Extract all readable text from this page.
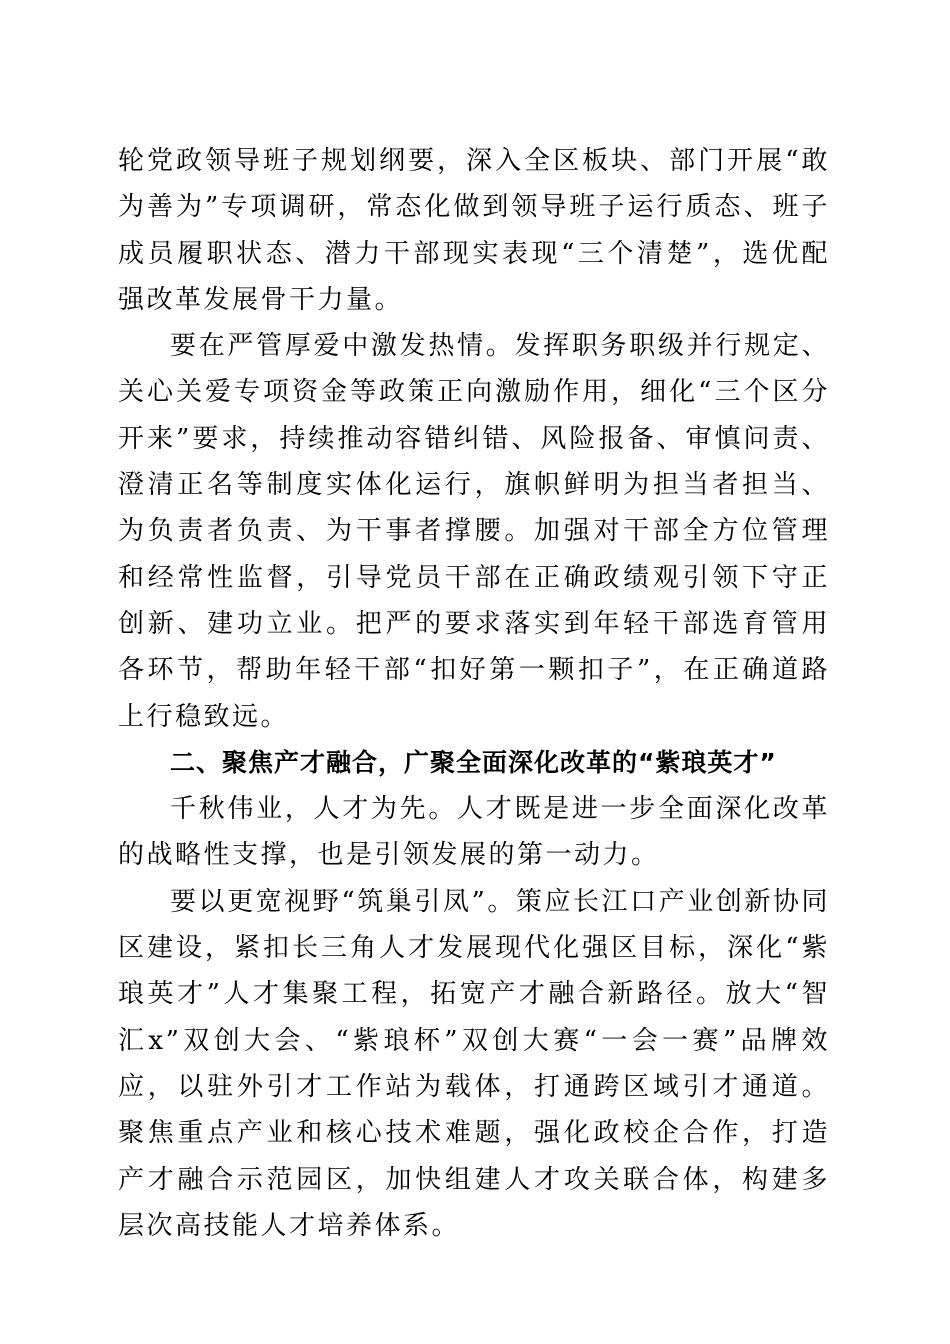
轮党政领导班子规划纲要，深入全区板块、部门开展“敢为善为”专项调研，常态化做到领导班子运行质态、班子成员履职状态、潜力干部现实表现“三个清楚”，选优配强改革发展骨干力量。

要在严管厚爱中激发热情。发挥职务职级并行规定、关心关爱专项资金等政策正向激励作用，细化“三个区分开来”要求，持续推动容错纠错、风险报备、审慎问责、澄清正名等制度实体化运行，旗帜鲜明为担当者担当、为负责者负责、为干事者撑腰。加强对干部全方位管理和经常性监督，引导党员干部在正确政绩观引领下守正创新、建功立业。把严的要求落实到年轻干部选育管用各环节，帮助年轻干部“扣好第一颗扣子”，在正确道路上行稳致远。

二、聚焦产才融合，广聚全面深化改革的“紫琅英才”

千秋伟业，人才为先。人才既是进一步全面深化改革的战略性支撑，也是引领发展的第一动力。

要以更宽视野“筑巢引凤”。策应长江口产业创新协同区建设，紧扣长三角人才发展现代化强区目标，深化“紫琅英才”人才集聚工程，拓宽产才融合新路径。放大“智汇x”双创大会、“紫琅杯”双创大赛“一会一赛”品牌效应，以驻外引才工作站为载体，打通跨区域引才通道。聚焦重点产业和核心技术难题，强化政校企合作，打造产才融合示范园区，加快组建人才攻关联合体，构建多层次高技能人才培养体系。
